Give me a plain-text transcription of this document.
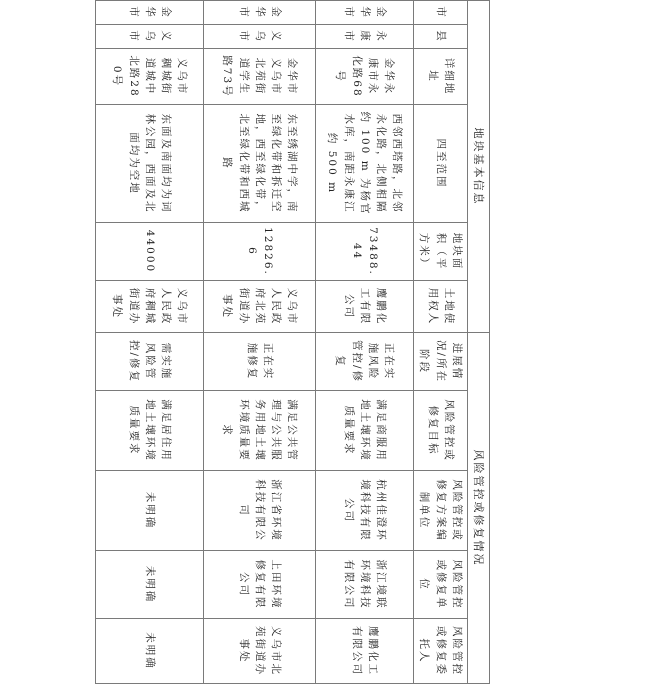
地块基本信息						风险管控或修复情况				
市	县	详细地址	四至范围	地块面积（平方米）	土地使用权人	进展情况/所在阶段	风险管控或修复目标	风险管控或修复方案编制单位	风险管控或修复单位	风险管控或修复委托人
金华市	永康市	金华永康市永化路68号	西邻西塔路，北邻永化路，北侧相隔约 100 m 为杨官水库，南距永康江约 500 m	73488.44	鹰鹏化工有限公司	正在实施风险管控/修复	满足商服用地土壤环境质量要求	杭州佳澄环境科技有限公司	浙江境联环境科技有限公司	鹰鹏化工有限公司
金华市	义乌市	金华市义乌市北苑街道学生路73号	东至绣湖中学，南至绿化带和拆迁空地，西至绿化带，北至绿化带和西城路	12826.6	义乌市人民政府北苑街道办事处	正在实施修复	满足公共管理与公共服务用地土壤环境质量要求	浙江省环境科技有限公司	上田环境修复有限公司	义乌市北苑街道办事处
金华市	义乌市	义乌市稠城街道城中北路280号	东面及南面均为词林公园，西面及北面均为空地	44000	义乌市人民政府稠城街道办事处	需实施风险管控/修复	满足居住用地土壤环境质量要求	未明确	未明确	未明确
